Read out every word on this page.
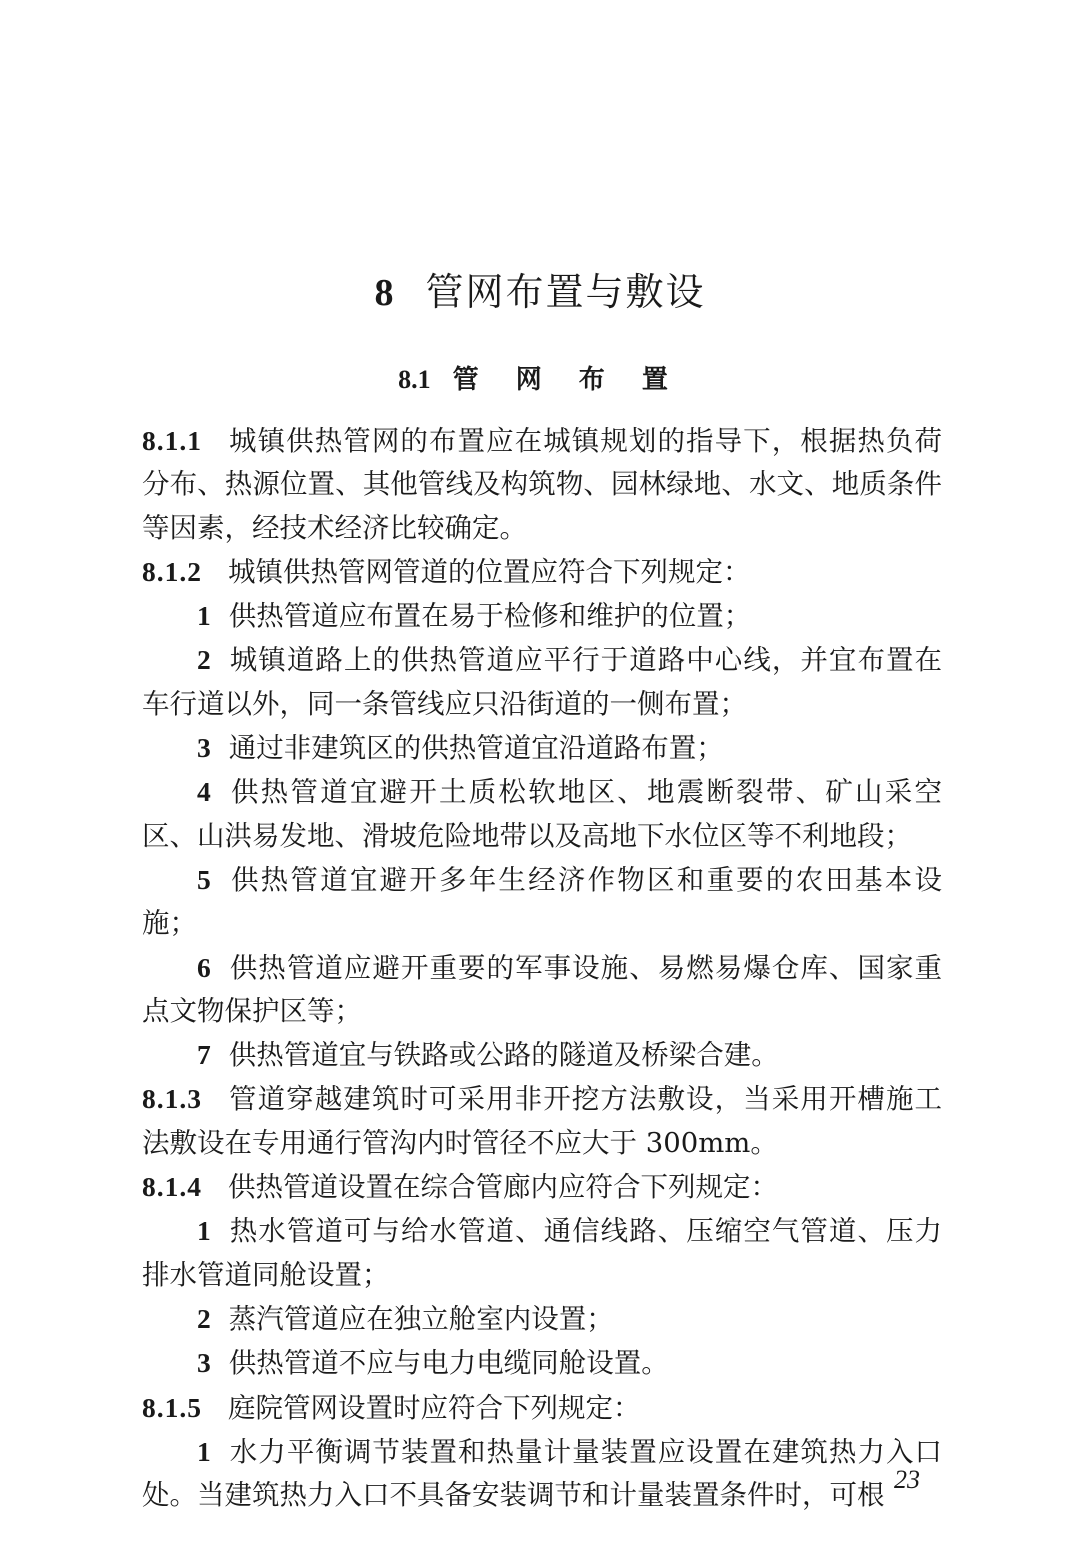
8 管网布置与敷设
8.1 管 网 布 置

8.1.1 城镇供热管网的布置应在城镇规划的指导下，根据热负荷分布、热源位置、其他管线及构筑物、园林绿地、水文、地质条件等因素，经技术经济比较确定。

8.1.2 城镇供热管网管道的位置应符合下列规定：

1 供热管道应布置在易于检修和维护的位置；

2 城镇道路上的供热管道应平行于道路中心线，并宜布置在车行道以外，同一条管线应只沿街道的一侧布置；

3 通过非建筑区的供热管道宜沿道路布置；

4 供热管道宜避开土质松软地区、地震断裂带、矿山采空区、山洪易发地、滑坡危险地带以及高地下水位区等不利地段；

5 供热管道宜避开多年生经济作物区和重要的农田基本设施；

6 供热管道应避开重要的军事设施、易燃易爆仓库、国家重点文物保护区等；

7 供热管道宜与铁路或公路的隧道及桥梁合建。

8.1.3 管道穿越建筑时可采用非开挖方法敷设，当采用开槽施工法敷设在专用通行管沟内时管径不应大于 300mm。

8.1.4 供热管道设置在综合管廊内应符合下列规定：

1 热水管道可与给水管道、通信线路、压缩空气管道、压力排水管道同舱设置；

2 蒸汽管道应在独立舱室内设置；

3 供热管道不应与电力电缆同舱设置。

8.1.5 庭院管网设置时应符合下列规定：

1 水力平衡调节装置和热量计量装置应设置在建筑热力入口处。当建筑热力入口不具备安装调节和计量装置条件时，可根 23
